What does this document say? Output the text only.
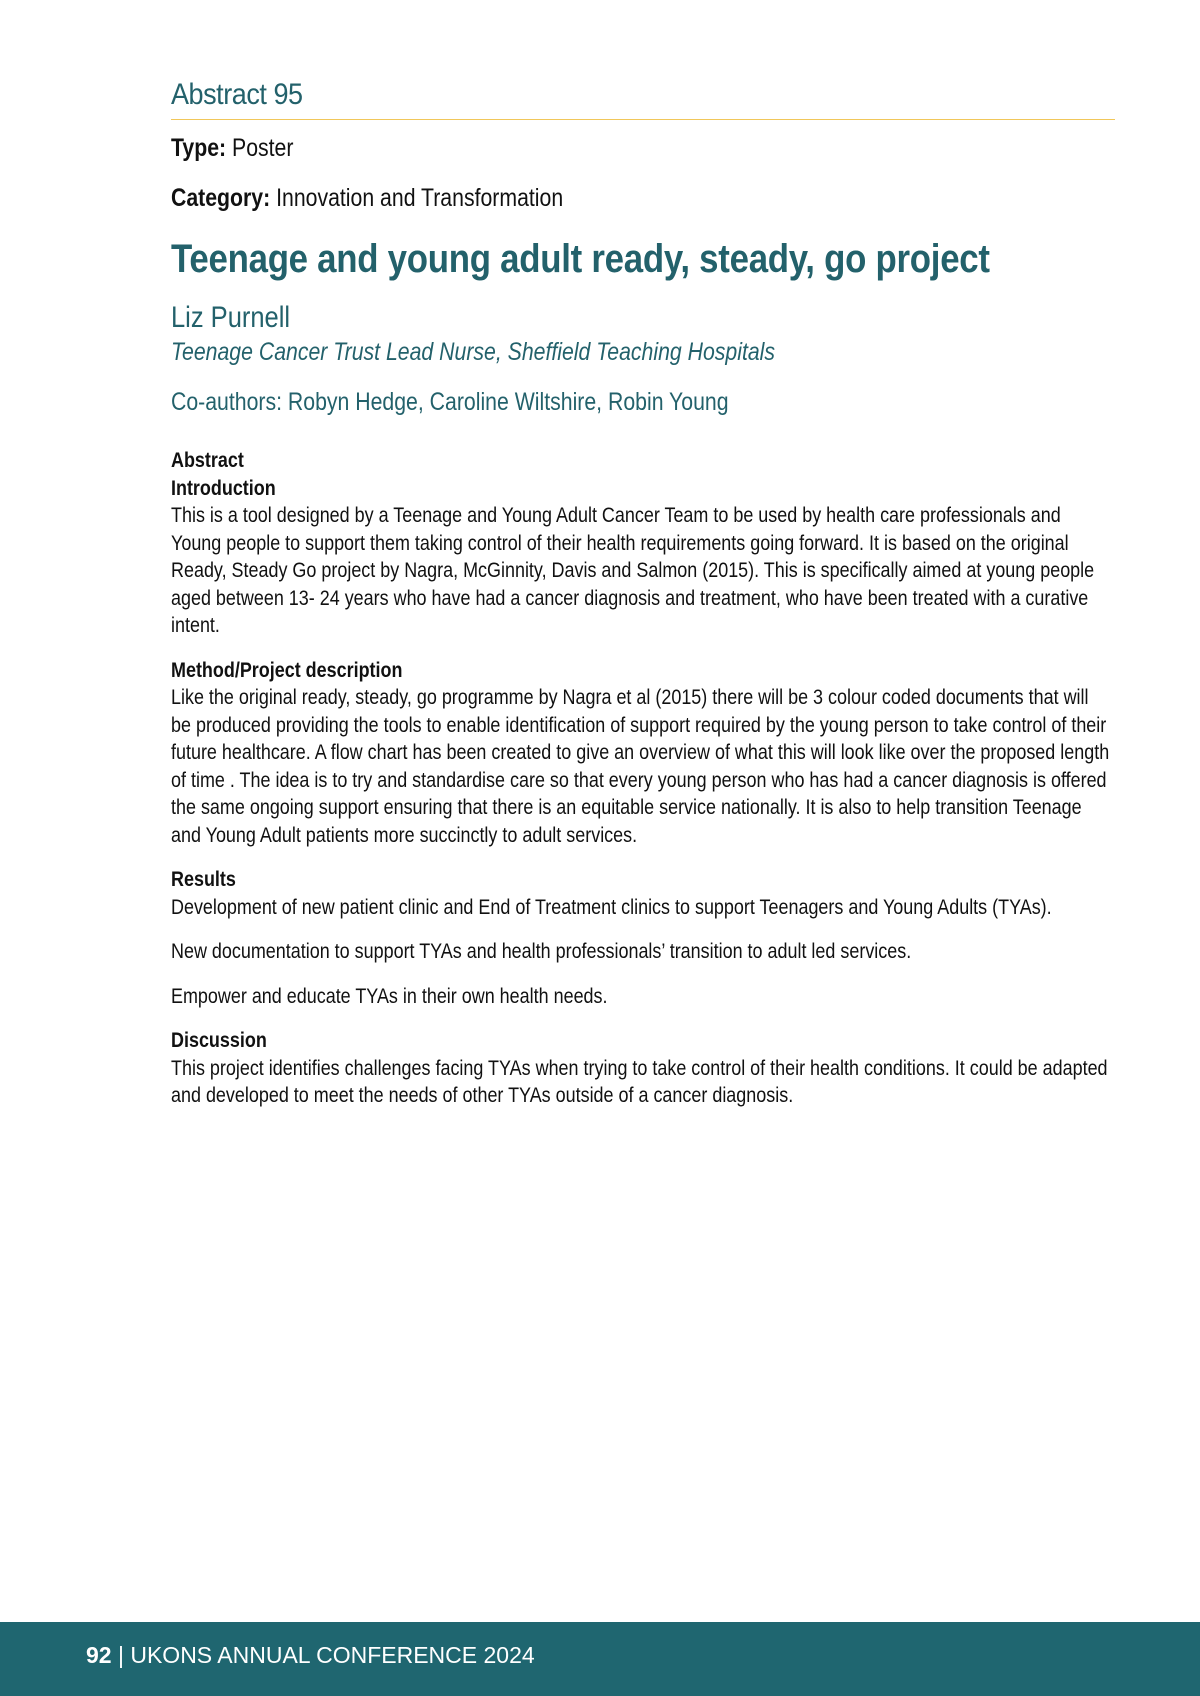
Abstract 95
Type: Poster
Category: Innovation and Transformation
Teenage and young adult ready, steady, go project
Liz Purnell
Teenage Cancer Trust Lead Nurse, Sheffield Teaching Hospitals
Co-authors: Robyn Hedge, Caroline Wiltshire, Robin Young

Abstract

Introduction

This is a tool designed by a Teenage and Young Adult Cancer Team to be used by health care professionals and Young people to support them taking control of their health requirements going forward. It is based on the original Ready, Steady Go project by Nagra, McGinnity, Davis and Salmon (2015). This is specifically aimed at young people aged between 13- 24 years who have had a cancer diagnosis and treatment, who have been treated with a curative intent.

Method/Project description

Like the original ready, steady, go programme by Nagra et al (2015) there will be 3 colour coded documents that will be produced providing the tools to enable identification of support required by the young person to take control of their future healthcare. A flow chart has been created to give an overview of what this will look like over the proposed length of time . The idea is to try and standardise care so that every young person who has had a cancer diagnosis is offered the same ongoing support ensuring that there is an equitable service nationally. It is also to help transition Teenage and Young Adult patients more succinctly to adult services.

Results

Development of new patient clinic and End of Treatment clinics to support Teenagers and Young Adults (TYAs).

New documentation to support TYAs and health professionals’ transition to adult led services.

Empower and educate TYAs in their own health needs.

Discussion

This project identifies challenges facing TYAs when trying to take control of their health conditions. It could be adapted and developed to meet the needs of other TYAs outside of a cancer diagnosis.

92 | UKONS ANNUAL CONFERENCE 2024
